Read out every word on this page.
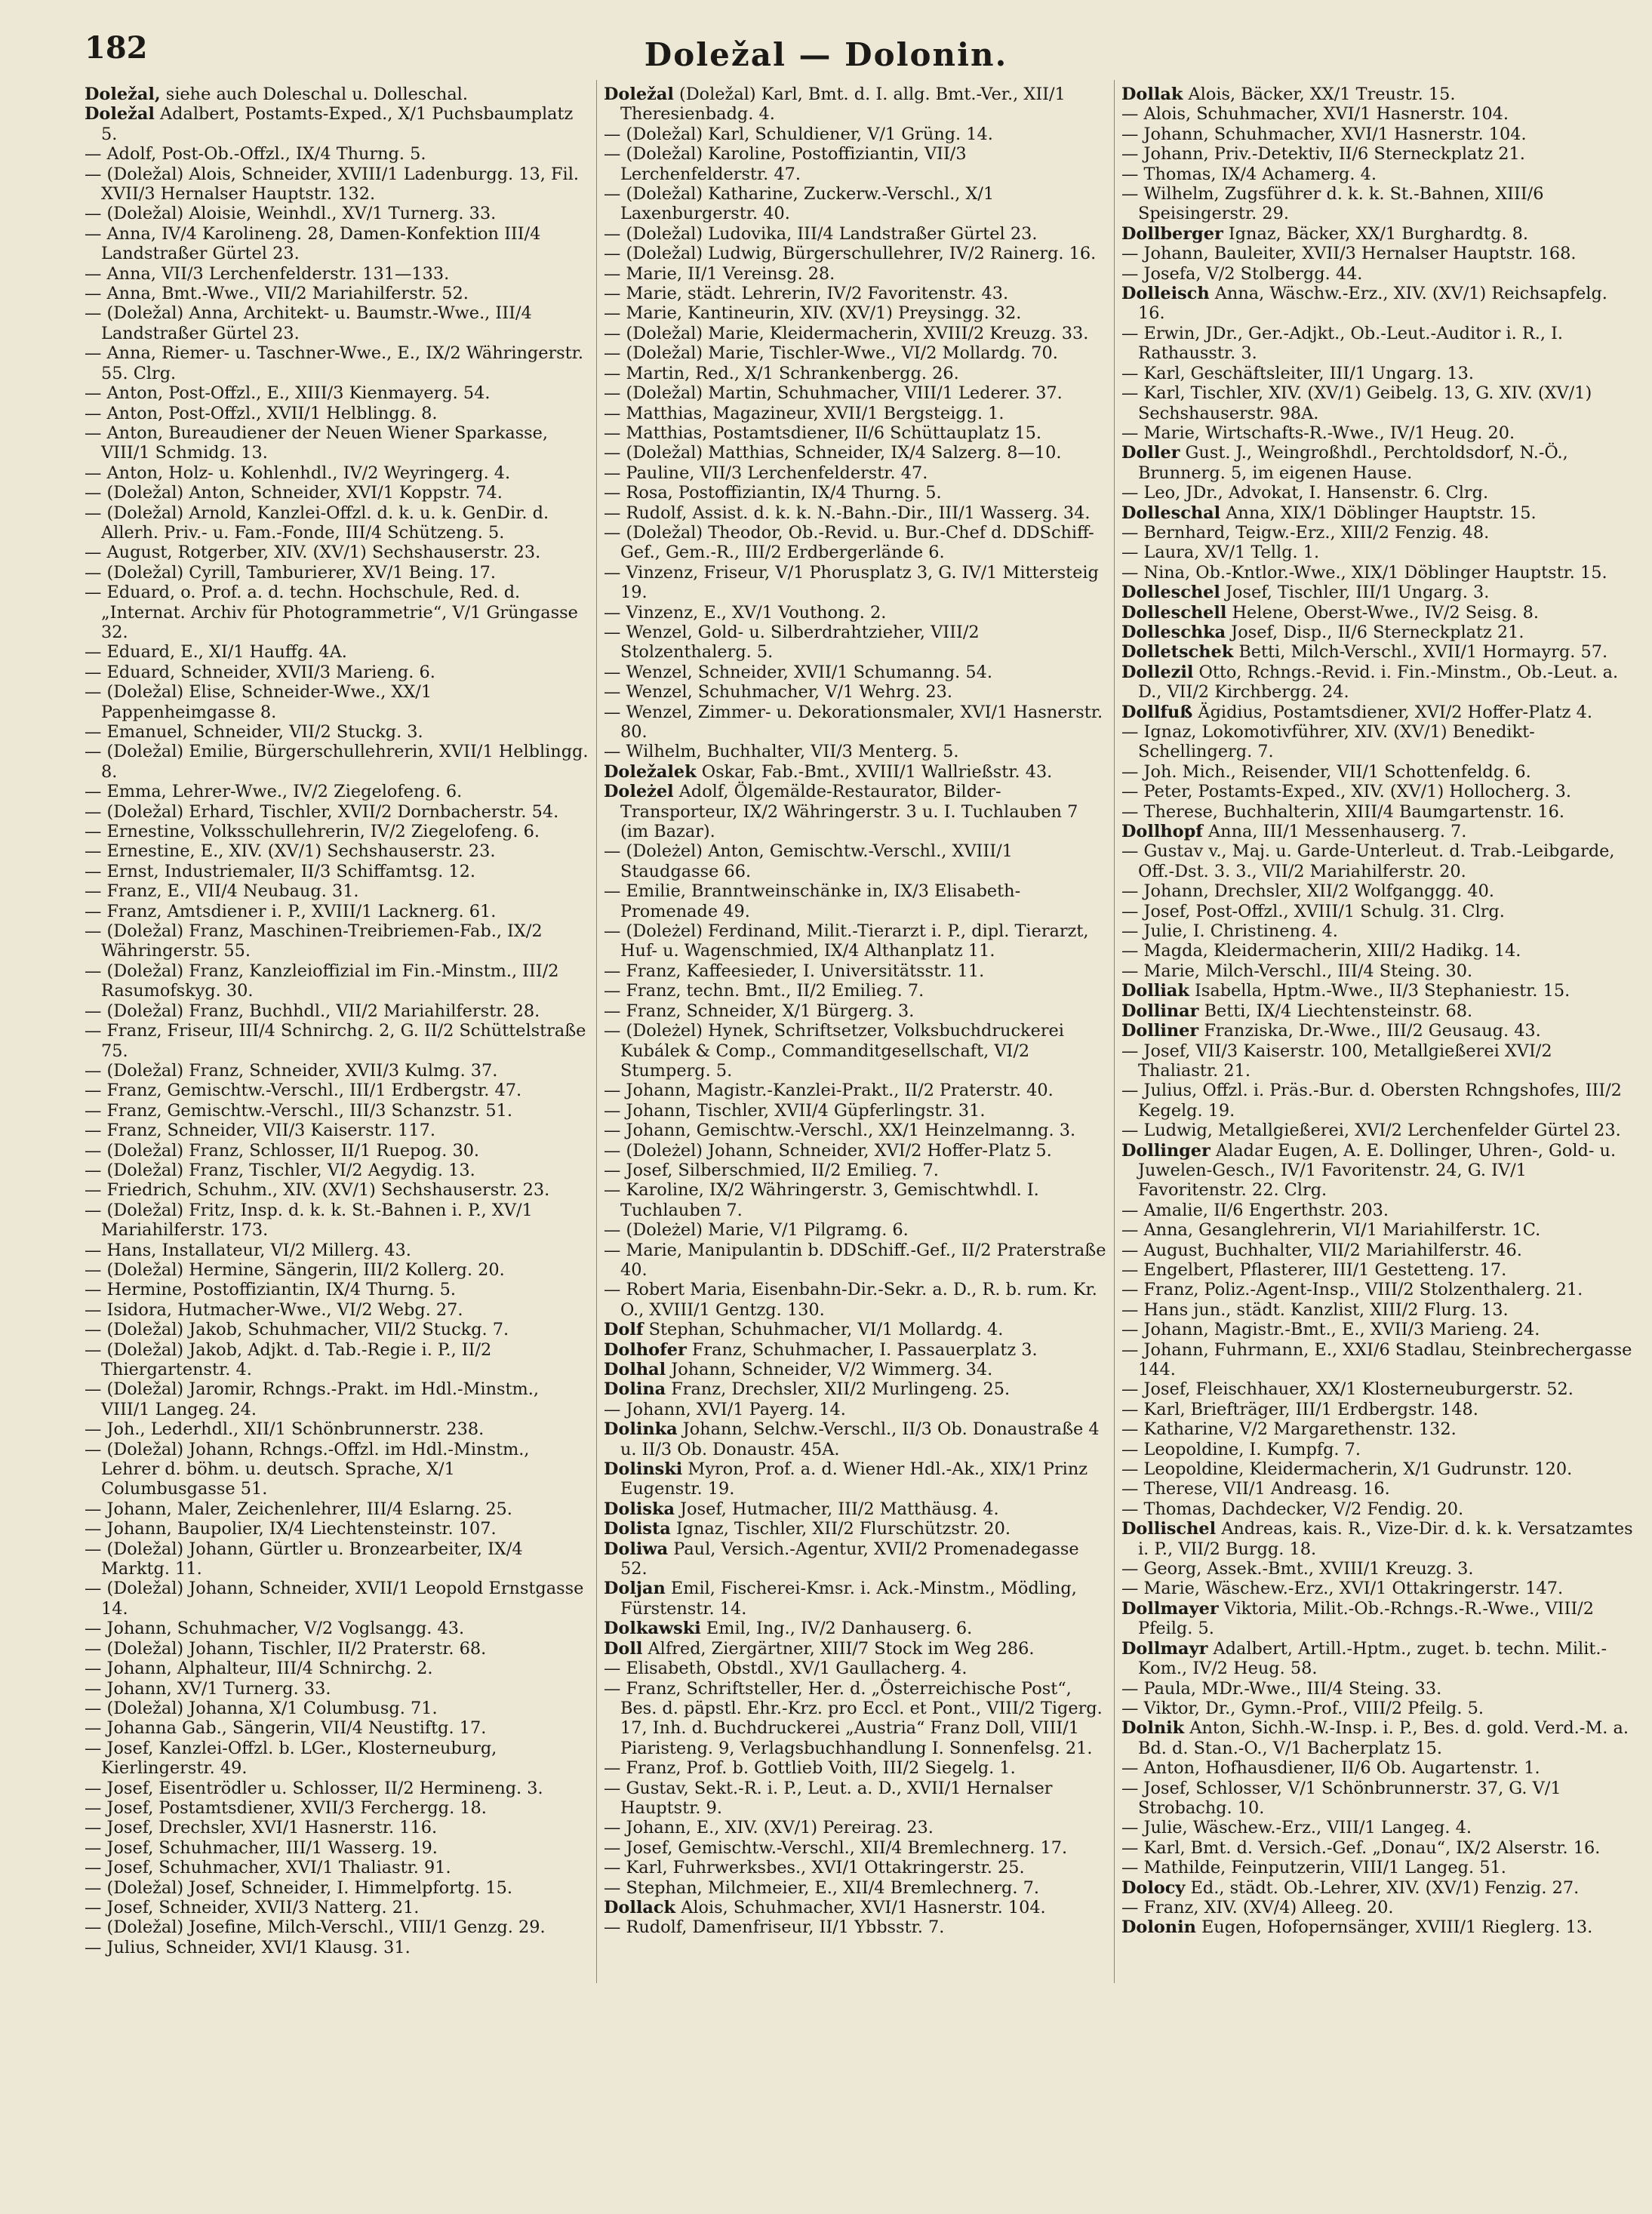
182	Doležal — Dolonin.

Doležal, siehe auch Doleschal u. Dolleschal.

Doležal Adalbert, Postamts-Exped., X/1 Puchsbaumplatz 5.

— Adolf, Post-Ob.-Offzl., IX/4 Thurng. 5.

— (Doležal) Alois, Schneider, XVIII/1 Ladenburgg. 13, Fil. XVII/3 Hernalser Hauptstr. 132.

— (Doležal) Aloisie, Weinhdl., XV/1 Turnerg. 33.

— Anna, IV/4 Karolineng. 28, Damen-Konfektion III/4 Landstraßer Gürtel 23.

— Anna, VII/3 Lerchenfelderstr. 131—133.

— Anna, Bmt.-Wwe., VII/2 Mariahilferstr. 52.

— (Doležal) Anna, Architekt- u. Baumstr.-Wwe., III/4 Landstraßer Gürtel 23.

— Anna, Riemer- u. Taschner-Wwe., E., IX/2 Währingerstr. 55. Clrg.

— Anton, Post-Offzl., E., XIII/3 Kienmayerg. 54.

— Anton, Post-Offzl., XVII/1 Helblingg. 8.

— Anton, Bureaudiener der Neuen Wiener Sparkasse, VIII/1 Schmidg. 13.

— Anton, Holz- u. Kohlenhdl., IV/2 Weyringerg. 4.

— (Doležal) Anton, Schneider, XVI/1 Koppstr. 74.

— (Doležal) Arnold, Kanzlei-Offzl. d. k. u. k. GenDir. d. Allerh. Priv.- u. Fam.-Fonde, III/4 Schützeng. 5.

— August, Rotgerber, XIV. (XV/1) Sechshauserstr. 23.

— (Doležal) Cyrill, Tamburierer, XV/1 Being. 17.

— Eduard, o. Prof. a. d. techn. Hochschule, Red. d. „Internat. Archiv für Photogrammetrie“, V/1 Grüngasse 32.

— Eduard, E., XI/1 Hauffg. 4A.

— Eduard, Schneider, XVII/3 Marieng. 6.

— (Doležal) Elise, Schneider-Wwe., XX/1 Pappenheimgasse 8.

— Emanuel, Schneider, VII/2 Stuckg. 3.

— (Doležal) Emilie, Bürgerschullehrerin, XVII/1 Helblingg. 8.

— Emma, Lehrer-Wwe., IV/2 Ziegelofeng. 6.

— (Doležal) Erhard, Tischler, XVII/2 Dornbacherstr. 54.

— Ernestine, Volksschullehrerin, IV/2 Ziegelofeng. 6.

— Ernestine, E., XIV. (XV/1) Sechshauserstr. 23.

— Ernst, Industriemaler, II/3 Schiffamtsg. 12.

— Franz, E., VII/4 Neubaug. 31.

— Franz, Amtsdiener i. P., XVIII/1 Lacknerg. 61.

— (Doležal) Franz, Maschinen-Treibriemen-Fab., IX/2 Währingerstr. 55.

— (Doležal) Franz, Kanzleioffizial im Fin.-Minstm., III/2 Rasumofskyg. 30.

— (Doležal) Franz, Buchhdl., VII/2 Mariahilferstr. 28.

— Franz, Friseur, III/4 Schnirchg. 2, G. II/2 Schüttelstraße 75.

— (Doležal) Franz, Schneider, XVII/3 Kulmg. 37.

— Franz, Gemischtw.-Verschl., III/1 Erdbergstr. 47.

— Franz, Gemischtw.-Verschl., III/3 Schanzstr. 51.

— Franz, Schneider, VII/3 Kaiserstr. 117.

— (Doležal) Franz, Schlosser, II/1 Ruepog. 30.

— (Doležal) Franz, Tischler, VI/2 Aegydig. 13.

— Friedrich, Schuhm., XIV. (XV/1) Sechshauserstr. 23.

— (Doležal) Fritz, Insp. d. k. k. St.-Bahnen i. P., XV/1 Mariahilferstr. 173.

— Hans, Installateur, VI/2 Millerg. 43.

— (Doležal) Hermine, Sängerin, III/2 Kollerg. 20.

— Hermine, Postoffiziantin, IX/4 Thurng. 5.

— Isidora, Hutmacher-Wwe., VI/2 Webg. 27.

— (Doležal) Jakob, Schuhmacher, VII/2 Stuckg. 7.

— (Doležal) Jakob, Adjkt. d. Tab.-Regie i. P., II/2 Thiergartenstr. 4.

— (Doležal) Jaromir, Rchngs.-Prakt. im Hdl.-Minstm., VIII/1 Langeg. 24.

— Joh., Lederhdl., XII/1 Schönbrunnerstr. 238.

— (Doležal) Johann, Rchngs.-Offzl. im Hdl.-Minstm., Lehrer d. böhm. u. deutsch. Sprache, X/1 Columbusgasse 51.

— Johann, Maler, Zeichenlehrer, III/4 Eslarng. 25.

— Johann, Baupolier, IX/4 Liechtensteinstr. 107.

— (Doležal) Johann, Gürtler u. Bronzearbeiter, IX/4 Marktg. 11.

— (Doležal) Johann, Schneider, XVII/1 Leopold Ernstgasse 14.

— Johann, Schuhmacher, V/2 Voglsangg. 43.

— (Doležal) Johann, Tischler, II/2 Praterstr. 68.

— Johann, Alphalteur, III/4 Schnirchg. 2.

— Johann, XV/1 Turnerg. 33.

— (Doležal) Johanna, X/1 Columbusg. 71.

— Johanna Gab., Sängerin, VII/4 Neustiftg. 17.

— Josef, Kanzlei-Offzl. b. LGer., Klosterneuburg, Kierlingerstr. 49.

— Josef, Eisentrödler u. Schlosser, II/2 Hermineng. 3.

— Josef, Postamtsdiener, XVII/3 Ferchergg. 18.

— Josef, Drechsler, XVI/1 Hasnerstr. 116.

— Josef, Schuhmacher, III/1 Wasserg. 19.

— Josef, Schuhmacher, XVI/1 Thaliastr. 91.

— (Doležal) Josef, Schneider, I. Himmelpfortg. 15.

— Josef, Schneider, XVII/3 Natterg. 21.

— (Doležal) Josefine, Milch-Verschl., VIII/1 Genzg. 29.

— Julius, Schneider, XVI/1 Klausg. 31.

Doležal (Doležal) Karl, Bmt. d. I. allg. Bmt.-Ver., XII/1 Theresienbadg. 4.

— (Doležal) Karl, Schuldiener, V/1 Grüng. 14.

— (Doležal) Karoline, Postoffiziantin, VII/3 Lerchenfelderstr. 47.

— (Doležal) Katharine, Zuckerw.-Verschl., X/1 Laxenburgerstr. 40.

— (Doležal) Ludovika, III/4 Landstraßer Gürtel 23.

— (Doležal) Ludwig, Bürgerschullehrer, IV/2 Rainerg. 16.

— Marie, II/1 Vereinsg. 28.

— Marie, städt. Lehrerin, IV/2 Favoritenstr. 43.

— Marie, Kantineurin, XIV. (XV/1) Preysingg. 32.

— (Doležal) Marie, Kleidermacherin, XVIII/2 Kreuzg. 33.

— (Doležal) Marie, Tischler-Wwe., VI/2 Mollardg. 70.

— Martin, Red., X/1 Schrankenbergg. 26.

— (Doležal) Martin, Schuhmacher, VIII/1 Lederer. 37.

— Matthias, Magazineur, XVII/1 Bergsteigg. 1.

— Matthias, Postamtsdiener, II/6 Schüttauplatz 15.

— (Doležal) Matthias, Schneider, IX/4 Salzerg. 8—10.

— Pauline, VII/3 Lerchenfelderstr. 47.

— Rosa, Postoffiziantin, IX/4 Thurng. 5.

— Rudolf, Assist. d. k. k. N.-Bahn.-Dir., III/1 Wasserg. 34.

— (Doležal) Theodor, Ob.-Revid. u. Bur.-Chef d. DDSchiff-Gef., Gem.-R., III/2 Erdbergerlände 6.

— Vinzenz, Friseur, V/1 Phorusplatz 3, G. IV/1 Mittersteig 19.

— Vinzenz, E., XV/1 Vouthong. 2.

— Wenzel, Gold- u. Silberdrahtzieher, VIII/2 Stolzenthalerg. 5.

— Wenzel, Schneider, XVII/1 Schumanng. 54.

— Wenzel, Schuhmacher, V/1 Wehrg. 23.

— Wenzel, Zimmer- u. Dekorationsmaler, XVI/1 Hasnerstr. 80.

— Wilhelm, Buchhalter, VII/3 Menterg. 5.

Doležalek Oskar, Fab.-Bmt., XVIII/1 Wallrießstr. 43.

Doleżel Adolf, Ölgemälde-Restaurator, Bilder-Transporteur, IX/2 Währingerstr. 3 u. I. Tuchlauben 7 (im Bazar).

— (Doleżel) Anton, Gemischtw.-Verschl., XVIII/1 Staudgasse 66.

— Emilie, Branntweinschänke in, IX/3 Elisabeth-Promenade 49.

— (Doleżel) Ferdinand, Milit.-Tierarzt i. P., dipl. Tierarzt, Huf- u. Wagenschmied, IX/4 Althanplatz 11.

— Franz, Kaffeesieder, I. Universitätsstr. 11.

— Franz, techn. Bmt., II/2 Emilieg. 7.

— Franz, Schneider, X/1 Bürgerg. 3.

— (Doleżel) Hynek, Schriftsetzer, Volksbuchdruckerei Kubálek & Comp., Commanditgesellschaft, VI/2 Stumperg. 5.

— Johann, Magistr.-Kanzlei-Prakt., II/2 Praterstr. 40.

— Johann, Tischler, XVII/4 Güpferlingstr. 31.

— Johann, Gemischtw.-Verschl., XX/1 Heinzelmanng. 3.

— (Doleżel) Johann, Schneider, XVI/2 Hoffer-Platz 5.

— Josef, Silberschmied, II/2 Emilieg. 7.

— Karoline, IX/2 Währingerstr. 3, Gemischtwhdl. I. Tuchlauben 7.

— (Doleżel) Marie, V/1 Pilgramg. 6.

— Marie, Manipulantin b. DDSchiff.-Gef., II/2 Praterstraße 40.

— Robert Maria, Eisenbahn-Dir.-Sekr. a. D., R. b. rum. Kr. O., XVIII/1 Gentzg. 130.

Dolf Stephan, Schuhmacher, VI/1 Mollardg. 4.

Dolhofer Franz, Schuhmacher, I. Passauerplatz 3.

Dolhal Johann, Schneider, V/2 Wimmerg. 34.

Dolina Franz, Drechsler, XII/2 Murlingeng. 25.

— Johann, XVI/1 Payerg. 14.

Dolinka Johann, Selchw.-Verschl., II/3 Ob. Donaustraße 4 u. II/3 Ob. Donaustr. 45A.

Dolinski Myron, Prof. a. d. Wiener Hdl.-Ak., XIX/1 Prinz Eugenstr. 19.

Doliska Josef, Hutmacher, III/2 Matthäusg. 4.

Dolista Ignaz, Tischler, XII/2 Flurschützstr. 20.

Doliwa Paul, Versich.-Agentur, XVII/2 Promenadegasse 52.

Doljan Emil, Fischerei-Kmsr. i. Ack.-Minstm., Mödling, Fürstenstr. 14.

Dolkawski Emil, Ing., IV/2 Danhauserg. 6.

Doll Alfred, Ziergärtner, XIII/7 Stock im Weg 286.

— Elisabeth, Obstdl., XV/1 Gaullacherg. 4.

— Franz, Schriftsteller, Her. d. „Österreichische Post“, Bes. d. päpstl. Ehr.-Krz. pro Eccl. et Pont., VIII/2 Tigerg. 17, Inh. d. Buchdruckerei „Austria“ Franz Doll, VIII/1 Piaristeng. 9, Verlagsbuchhandlung I. Sonnenfelsg. 21.

— Franz, Prof. b. Gottlieb Voith, III/2 Siegelg. 1.

— Gustav, Sekt.-R. i. P., Leut. a. D., XVII/1 Hernalser Hauptstr. 9.

— Johann, E., XIV. (XV/1) Pereirag. 23.

— Josef, Gemischtw.-Verschl., XII/4 Bremlechnerg. 17.

— Karl, Fuhrwerksbes., XVI/1 Ottakringerstr. 25.

— Stephan, Milchmeier, E., XII/4 Bremlechnerg. 7.

Dollack Alois, Schuhmacher, XVI/1 Hasnerstr. 104.

— Rudolf, Damenfriseur, II/1 Ybbsstr. 7.

Dollak Alois, Bäcker, XX/1 Treustr. 15.

— Alois, Schuhmacher, XVI/1 Hasnerstr. 104.

— Johann, Schuhmacher, XVI/1 Hasnerstr. 104.

— Johann, Priv.-Detektiv, II/6 Sterneckplatz 21.

— Thomas, IX/4 Achamerg. 4.

— Wilhelm, Zugsführer d. k. k. St.-Bahnen, XIII/6 Speisingerstr. 29.

Dollberger Ignaz, Bäcker, XX/1 Burghardtg. 8.

— Johann, Bauleiter, XVII/3 Hernalser Hauptstr. 168.

— Josefa, V/2 Stolbergg. 44.

Dolleisch Anna, Wäschw.-Erz., XIV. (XV/1) Reichsapfelg. 16.

— Erwin, JDr., Ger.-Adjkt., Ob.-Leut.-Auditor i. R., I. Rathausstr. 3.

— Karl, Geschäftsleiter, III/1 Ungarg. 13.

— Karl, Tischler, XIV. (XV/1) Geibelg. 13, G. XIV. (XV/1) Sechshauserstr. 98A.

— Marie, Wirtschafts-R.-Wwe., IV/1 Heug. 20.

Doller Gust. J., Weingroßhdl., Perchtoldsdorf, N.-Ö., Brunnerg. 5, im eigenen Hause.

— Leo, JDr., Advokat, I. Hansenstr. 6. Clrg.

Dolleschal Anna, XIX/1 Döblinger Hauptstr. 15.

— Bernhard, Teigw.-Erz., XIII/2 Fenzig. 48.

— Laura, XV/1 Tellg. 1.

— Nina, Ob.-Kntlor.-Wwe., XIX/1 Döblinger Hauptstr. 15.

Dolleschel Josef, Tischler, III/1 Ungarg. 3.

Dolleschell Helene, Oberst-Wwe., IV/2 Seisg. 8.

Dolleschka Josef, Disp., II/6 Sterneckplatz 21.

Dolletschek Betti, Milch-Verschl., XVII/1 Hormayrg. 57.

Dollezil Otto, Rchngs.-Revid. i. Fin.-Minstm., Ob.-Leut. a. D., VII/2 Kirchbergg. 24.

Dollfuß Ägidius, Postamtsdiener, XVI/2 Hoffer-Platz 4.

— Ignaz, Lokomotivführer, XIV. (XV/1) Benedikt-Schellingerg. 7.

— Joh. Mich., Reisender, VII/1 Schottenfeldg. 6.

— Peter, Postamts-Exped., XIV. (XV/1) Hollocherg. 3.

— Therese, Buchhalterin, XIII/4 Baumgartenstr. 16.

Dollhopf Anna, III/1 Messenhauserg. 7.

— Gustav v., Maj. u. Garde-Unterleut. d. Trab.-Leibgarde, Off.-Dst. 3. 3., VII/2 Mariahilferstr. 20.

— Johann, Drechsler, XII/2 Wolfganggg. 40.

— Josef, Post-Offzl., XVIII/1 Schulg. 31. Clrg.

— Julie, I. Christineng. 4.

— Magda, Kleidermacherin, XIII/2 Hadikg. 14.

— Marie, Milch-Verschl., III/4 Steing. 30.

Dolliak Isabella, Hptm.-Wwe., II/3 Stephaniestr. 15.

Dollinar Betti, IX/4 Liechtensteinstr. 68.

Dolliner Franziska, Dr.-Wwe., III/2 Geusaug. 43.

— Josef, VII/3 Kaiserstr. 100, Metallgießerei XVI/2 Thaliastr. 21.

— Julius, Offzl. i. Präs.-Bur. d. Obersten Rchngshofes, III/2 Kegelg. 19.

— Ludwig, Metallgießerei, XVI/2 Lerchenfelder Gürtel 23.

Dollinger Aladar Eugen, A. E. Dollinger, Uhren-, Gold- u. Juwelen-Gesch., IV/1 Favoritenstr. 24, G. IV/1 Favoritenstr. 22. Clrg.

— Amalie, II/6 Engerthstr. 203.

— Anna, Gesanglehrerin, VI/1 Mariahilferstr. 1C.

— August, Buchhalter, VII/2 Mariahilferstr. 46.

— Engelbert, Pflasterer, III/1 Gestetteng. 17.

— Franz, Poliz.-Agent-Insp., VIII/2 Stolzenthalerg. 21.

— Hans jun., städt. Kanzlist, XIII/2 Flurg. 13.

— Johann, Magistr.-Bmt., E., XVII/3 Marieng. 24.

— Johann, Fuhrmann, E., XXI/6 Stadlau, Steinbrechergasse 144.

— Josef, Fleischhauer, XX/1 Klosterneuburgerstr. 52.

— Karl, Briefträger, III/1 Erdbergstr. 148.

— Katharine, V/2 Margarethenstr. 132.

— Leopoldine, I. Kumpfg. 7.

— Leopoldine, Kleidermacherin, X/1 Gudrunstr. 120.

— Therese, VII/1 Andreasg. 16.

— Thomas, Dachdecker, V/2 Fendig. 20.

Dollischel Andreas, kais. R., Vize-Dir. d. k. k. Versatzamtes i. P., VII/2 Burgg. 18.

— Georg, Assek.-Bmt., XVIII/1 Kreuzg. 3.

— Marie, Wäschew.-Erz., XVI/1 Ottakringerstr. 147.

Dollmayer Viktoria, Milit.-Ob.-Rchngs.-R.-Wwe., VIII/2 Pfeilg. 5.

Dollmayr Adalbert, Artill.-Hptm., zuget. b. techn. Milit.-Kom., IV/2 Heug. 58.

— Paula, MDr.-Wwe., III/4 Steing. 33.

— Viktor, Dr., Gymn.-Prof., VIII/2 Pfeilg. 5.

Dolnik Anton, Sichh.-W.-Insp. i. P., Bes. d. gold. Verd.-M. a. Bd. d. Stan.-O., V/1 Bacherplatz 15.

— Anton, Hofhausdiener, II/6 Ob. Augartenstr. 1.

— Josef, Schlosser, V/1 Schönbrunnerstr. 37, G. V/1 Strobachg. 10.

— Julie, Wäschew.-Erz., VIII/1 Langeg. 4.

— Karl, Bmt. d. Versich.-Gef. „Donau“, IX/2 Alserstr. 16.

— Mathilde, Feinputzerin, VIII/1 Langeg. 51.

Dolocy Ed., städt. Ob.-Lehrer, XIV. (XV/1) Fenzig. 27.

— Franz, XIV. (XV/4) Alleeg. 20.

Dolonin Eugen, Hofopernsänger, XVIII/1 Rieglerg. 13.
